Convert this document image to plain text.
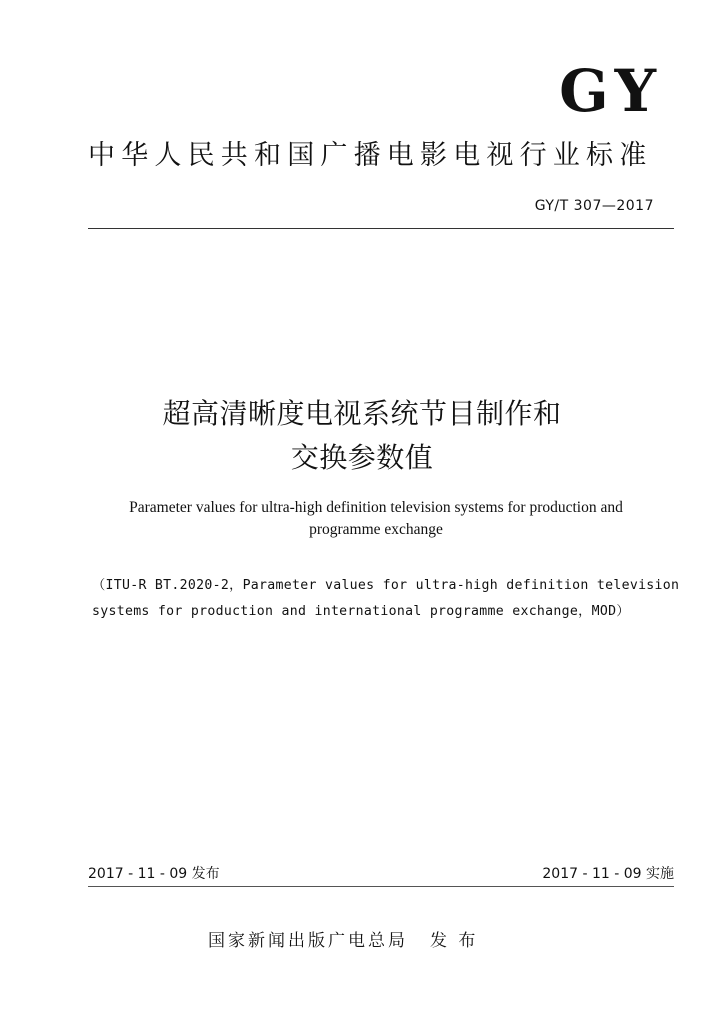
GY
中华人民共和国广播电影电视行业标准
GY/T 307—2017
超高清晰度电视系统节目制作和
交换参数值
Parameter values for ultra-high definition television systems for production and
programme exchange
（ITU-R BT.2020-2，Parameter values for ultra-high definition television
systems for production and international programme exchange，MOD）
2017 - 11 - 09 发布	2017 - 11 - 09 实施
国家新闻出版广电总局 发 布
